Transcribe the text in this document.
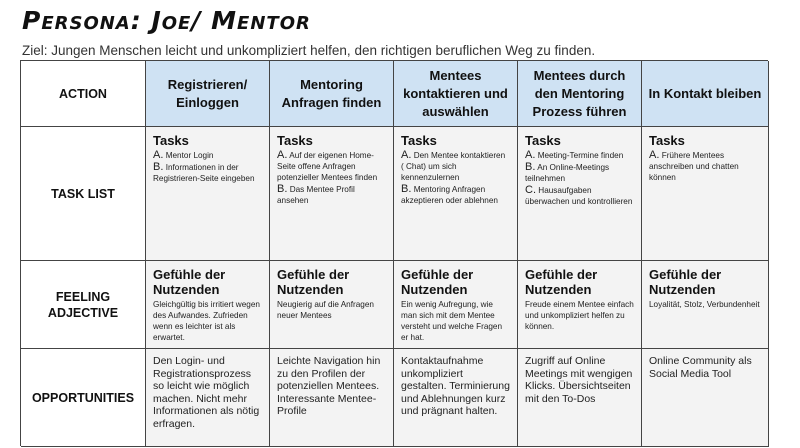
Persona: Joe/ Mentor
Ziel: Jungen Menschen leicht und unkompliziert helfen, den richtigen beruflichen Weg zu finden.
ACTION
Registrieren/ Einloggen
Mentoring Anfragen finden
Mentees kontaktieren und auswählen
Mentees durch den Mentoring Prozess führen
In Kontakt bleiben
TASK LIST
Tasks
A. Mentor Login
B. Informationen in der Registrieren-Seite eingeben
Tasks
A. Auf der eigenen Home-Seite offene Anfragen potenzieller Mentees finden
B. Das Mentee Profil ansehen
Tasks
A. Den Mentee kontaktieren ( Chat) um sich kennenzulernen
B. Mentoring Anfragen akzeptieren oder ablehnen
Tasks
A. Meeting-Termine finden
B. An Online-Meetings teilnehmen
C. Hausaufgaben überwachen und kontrollieren
Tasks
A. Frühere Mentees anschreiben und chatten können
FEELING ADJECTIVE
Gefühle der Nutzenden
Gleichgültig bis irritiert wegen des Aufwandes. Zufrieden wenn es leichter ist als erwartet.
Gefühle der Nutzenden
Neugierig auf die Anfragen neuer Mentees
Gefühle der Nutzenden
Ein wenig Aufregung, wie man sich mit dem Mentee versteht und welche Fragen er hat.
Gefühle der Nutzenden
Freude einem Mentee einfach und unkompliziert helfen zu können.
Gefühle der Nutzenden
Loyalität, Stolz, Verbundenheit
OPPORTUNITIES
Den Login- und Registrationsprozess so leicht wie möglich machen. Nicht mehr Informationen als nötig erfragen.
Leichte Navigation hin zu den Profilen der potenziellen Mentees. Interessante Mentee-Profile
Kontaktaufnahme unkompliziert gestalten. Terminierung und Ablehnungen kurz und prägnant halten.
Zugriff auf Online Meetings mit wengigen Klicks. Übersichtseiten mit den To-Dos
Online Community als Social Media Tool
